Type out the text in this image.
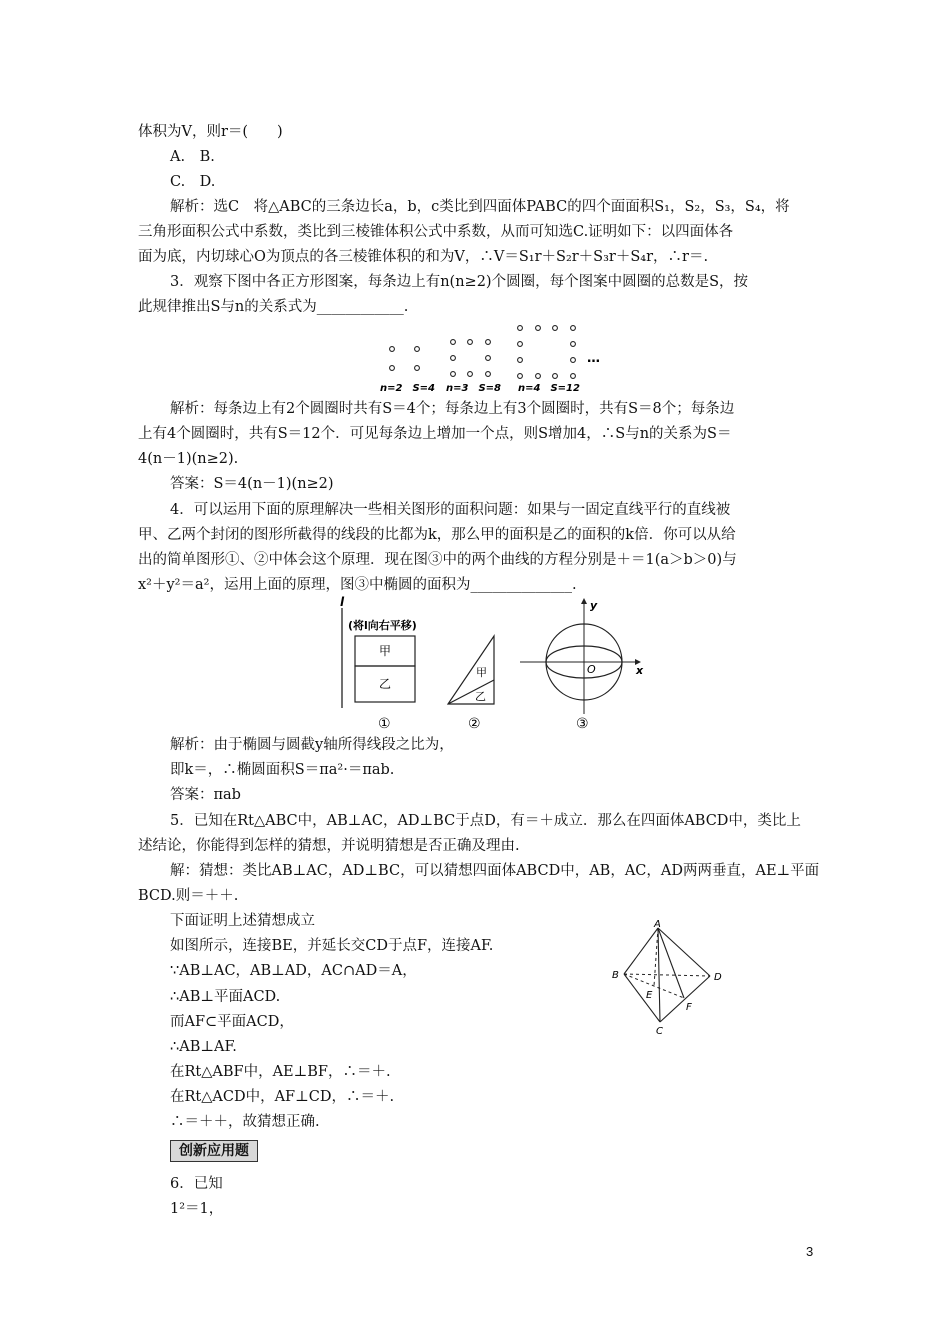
体积为V，则r＝(　　)
A.　B.
C.　D.
解析：选C　将△ABC的三条边长a，b，c类比到四面体PABC的四个面面积S₁，S₂，S₃，S₄，将
三角形面积公式中系数，类比到三棱锥体积公式中系数，从而可知选C.证明如下：以四面体各
面为底，内切球心O为顶点的各三棱锥体积的和为V，∴V＝S₁r＋S₂r＋S₃r＋S₄r，∴r＝.
3．观察下图中各正方形图案，每条边上有n(n≥2)个圆圈，每个图案中圆圈的总数是S，按
此规律推出S与n的关系式为____________.
…
n=2　S=4 n=3　S=8 n=4　S=12
解析：每条边上有2个圆圈时共有S＝4个；每条边上有3个圆圈时，共有S＝8个；每条边
上有4个圆圈时，共有S＝12个．可见每条边上增加一个点，则S增加4，∴S与n的关系为S＝
4(n－1)(n≥2).
答案：S＝4(n－1)(n≥2)
4．可以运用下面的原理解决一些相关图形的面积问题：如果与一固定直线平行的直线被
甲、乙两个封闭的图形所截得的线段的比都为k，那么甲的面积是乙的面积的k倍．你可以从给
出的简单图形①、②中体会这个原理．现在图③中的两个曲线的方程分别是＋＝1(a＞b＞0)与
x²＋y²＝a²，运用上面的原理，图③中椭圆的面积为______________.
l
(将l向右平移)
甲
乙
①
甲
乙
②
y
x
O
③
解析：由于椭圆与圆截y轴所得线段之比为，
即k＝，∴椭圆面积S＝πa²·＝πab.
答案：πab
5．已知在Rt△ABC中，AB⊥AC，AD⊥BC于点D，有＝＋成立．那么在四面体ABCD中，类比上
述结论，你能得到怎样的猜想，并说明猜想是否正确及理由.
解：猜想：类比AB⊥AC，AD⊥BC，可以猜想四面体ABCD中，AB，AC，AD两两垂直，AE⊥平面
BCD.则＝＋＋.
下面证明上述猜想成立
如图所示，连接BE，并延长交CD于点F，连接AF.
∵AB⊥AC，AB⊥AD，AC∩AD＝A，
∴AB⊥平面ACD.
而AF⊂平面ACD，
∴AB⊥AF.
在Rt△ABF中，AE⊥BF，∴＝＋.
在Rt△ACD中，AF⊥CD，∴＝＋.
∴＝＋＋，故猜想正确.
A
B
C
D
E
F
创新应用题
6．已知
1²＝1，
3
